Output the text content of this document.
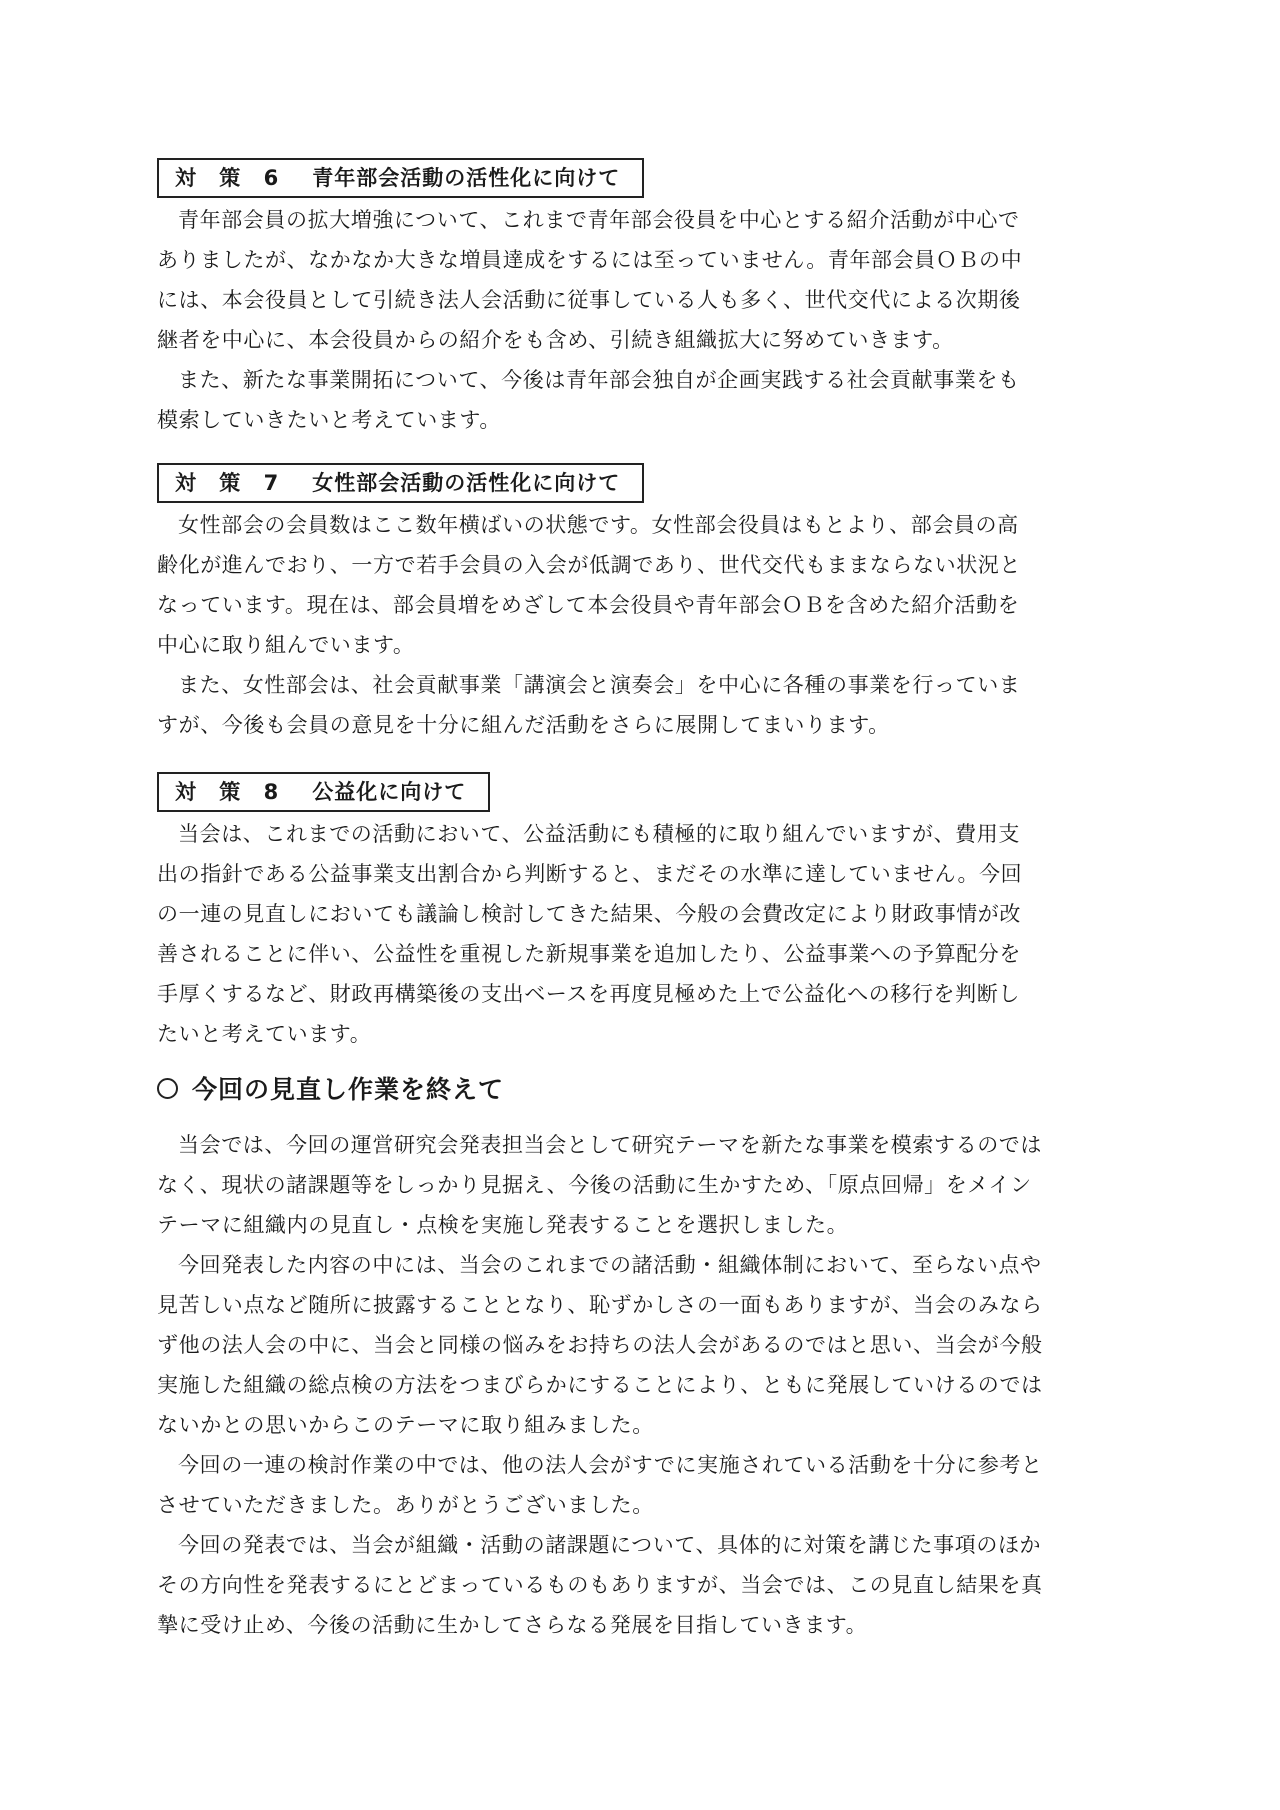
対 策 6 青年部会活動の活性化に向けて

青年部会員の拡大増強について、これまで青年部会役員を中心とする紹介活動が中心で
ありましたが、なかなか大きな増員達成をするには至っていません。青年部会員ＯＢの中
には、本会役員として引続き法人会活動に従事している人も多く、世代交代による次期後
継者を中心に、本会役員からの紹介をも含め、引続き組織拡大に努めていきます。

また、新たな事業開拓について、今後は青年部会独自が企画実践する社会貢献事業をも
模索していきたいと考えています。

対 策 7 女性部会活動の活性化に向けて

女性部会の会員数はここ数年横ばいの状態です。女性部会役員はもとより、部会員の高
齢化が進んでおり、一方で若手会員の入会が低調であり、世代交代もままならない状況と
なっています。現在は、部会員増をめざして本会役員や青年部会ＯＢを含めた紹介活動を
中心に取り組んでいます。

また、女性部会は、社会貢献事業「講演会と演奏会」を中心に各種の事業を行っていま
すが、今後も会員の意見を十分に組んだ活動をさらに展開してまいります。

対 策 8 公益化に向けて

当会は、これまでの活動において、公益活動にも積極的に取り組んでいますが、費用支
出の指針である公益事業支出割合から判断すると、まだその水準に達していません。今回
の一連の見直しにおいても議論し検討してきた結果、今般の会費改定により財政事情が改
善されることに伴い、公益性を重視した新規事業を追加したり、公益事業への予算配分を
手厚くするなど、財政再構築後の支出ベースを再度見極めた上で公益化への移行を判断し
たいと考えています。

今回の見直し作業を終えて

当会では、今回の運営研究会発表担当会として研究テーマを新たな事業を模索するのでは
なく、現状の諸課題等をしっかり見据え、今後の活動に生かすため、「原点回帰」をメイン
テーマに組織内の見直し・点検を実施し発表することを選択しました。

今回発表した内容の中には、当会のこれまでの諸活動・組織体制において、至らない点や
見苦しい点など随所に披露することとなり、恥ずかしさの一面もありますが、当会のみなら
ず他の法人会の中に、当会と同様の悩みをお持ちの法人会があるのではと思い、当会が今般
実施した組織の総点検の方法をつまびらかにすることにより、ともに発展していけるのでは
ないかとの思いからこのテーマに取り組みました。

今回の一連の検討作業の中では、他の法人会がすでに実施されている活動を十分に参考と
させていただきました。ありがとうございました。

今回の発表では、当会が組織・活動の諸課題について、具体的に対策を講じた事項のほか
その方向性を発表するにとどまっているものもありますが、当会では、この見直し結果を真
摯に受け止め、今後の活動に生かしてさらなる発展を目指していきます。
